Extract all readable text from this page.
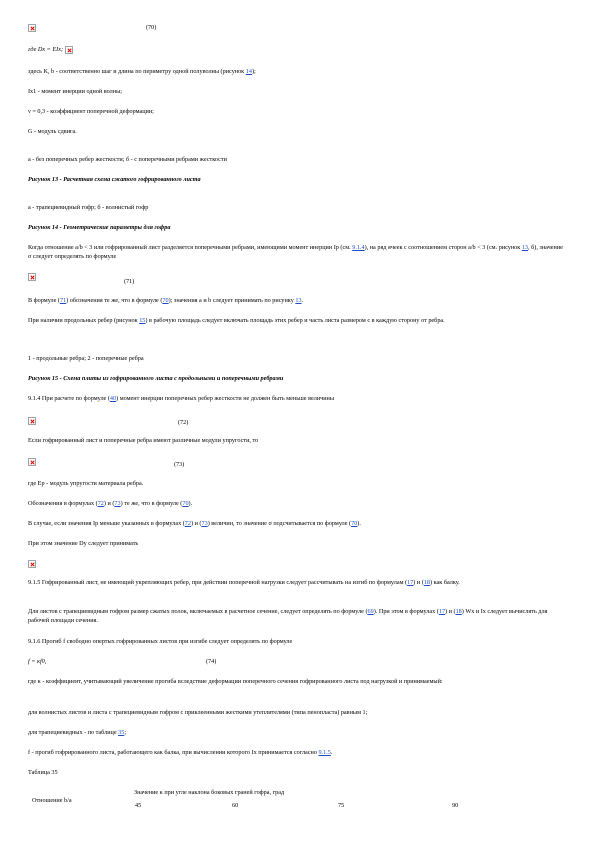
(70)
где Dx = EIx;
здесь K, b - соответственно шаг и длина по периметру одной полуволны (рисунок 14);
Ix1 - момент инерции одной волны;
ν = 0,3 - коэффициент поперечной деформации;
G - модуль сдвига.
а - без поперечных ребер жесткости; б - с поперечными ребрами жесткости
Рисунок 13 - Расчетная схема сжатого гофрированного листа
а - трапециевидный гофр; б - волнистый гофр
Рисунок 14 - Геометрические параметры для гофра
Когда отношение a/b < 3 или гофрированный лист разделяется поперечными ребрами, имеющими момент инерции Ip (см. 9.1.4), на ряд ячеек с соотношением сторон a/b < 3 (см. рисунок 13, б), значение σ следует определять по формуле
(71)
В формуле (71) обозначения те же, что в формуле (70); значения a и b следует принимать по рисунку 13.
При наличии продольных ребер (рисунок 15) в рабочую площадь следует включать площадь этих ребер и часть листа размером c в каждую сторону от ребра.
1 - продольные ребра; 2 - поперечные ребра
Рисунок 15 - Схема плиты из гофрированного листа с продольными и поперечными ребрами
9.1.4 При расчете по формуле (40) момент инерции поперечных ребер жесткости не должен быть меньше величины
(72)
Если гофрированный лист и поперечные ребра имеют различные модули упругости, то
(73)
где Ep - модуль упругости материала ребра.
Обозначения в формулах (72) и (73) те же, что в формуле (70).
В случае, если значения Ip меньше указанных в формулах (72) и (73) величин, то значение σ подсчитывается по формуле (70).
При этом значение Dy следует принимать
9.1.5 Гофрированный лист, не имеющий укрепляющих ребер, при действии поперечной нагрузки следует рассчитывать на изгиб по формулам (17) и (18) как балку.
Для листов с трапециевидным гофром размер сжатых полок, включаемых в расчетное сечение, следует определять по формуле (69). При этом в формулах (17) и (18) Wx и Ix следует вычислять для рабочей площади сечения.
9.1.6 Прогиб f свободно опертых гофрированных листов при изгибе следует определять по формуле
f = κf0,	(74)
где κ - коэффициент, учитывающий увеличение прогиба вследствие деформации поперечного сечения гофрированного листа под нагрузкой и принимаемый:
для волнистых листов и листа с трапециевидным гофром с приклеенными жесткими утеплителями (типа пенопласта) равным 1;
для трапециевидных - по таблице 35;
f - прогиб гофрированного листа, работающего как балка, при вычислении которого Ix принимается согласно 9.1.5.
Таблица 35
Отношение b/a
Значение κ при угле наклона боковых граней гофра, град
45	60	75	90
